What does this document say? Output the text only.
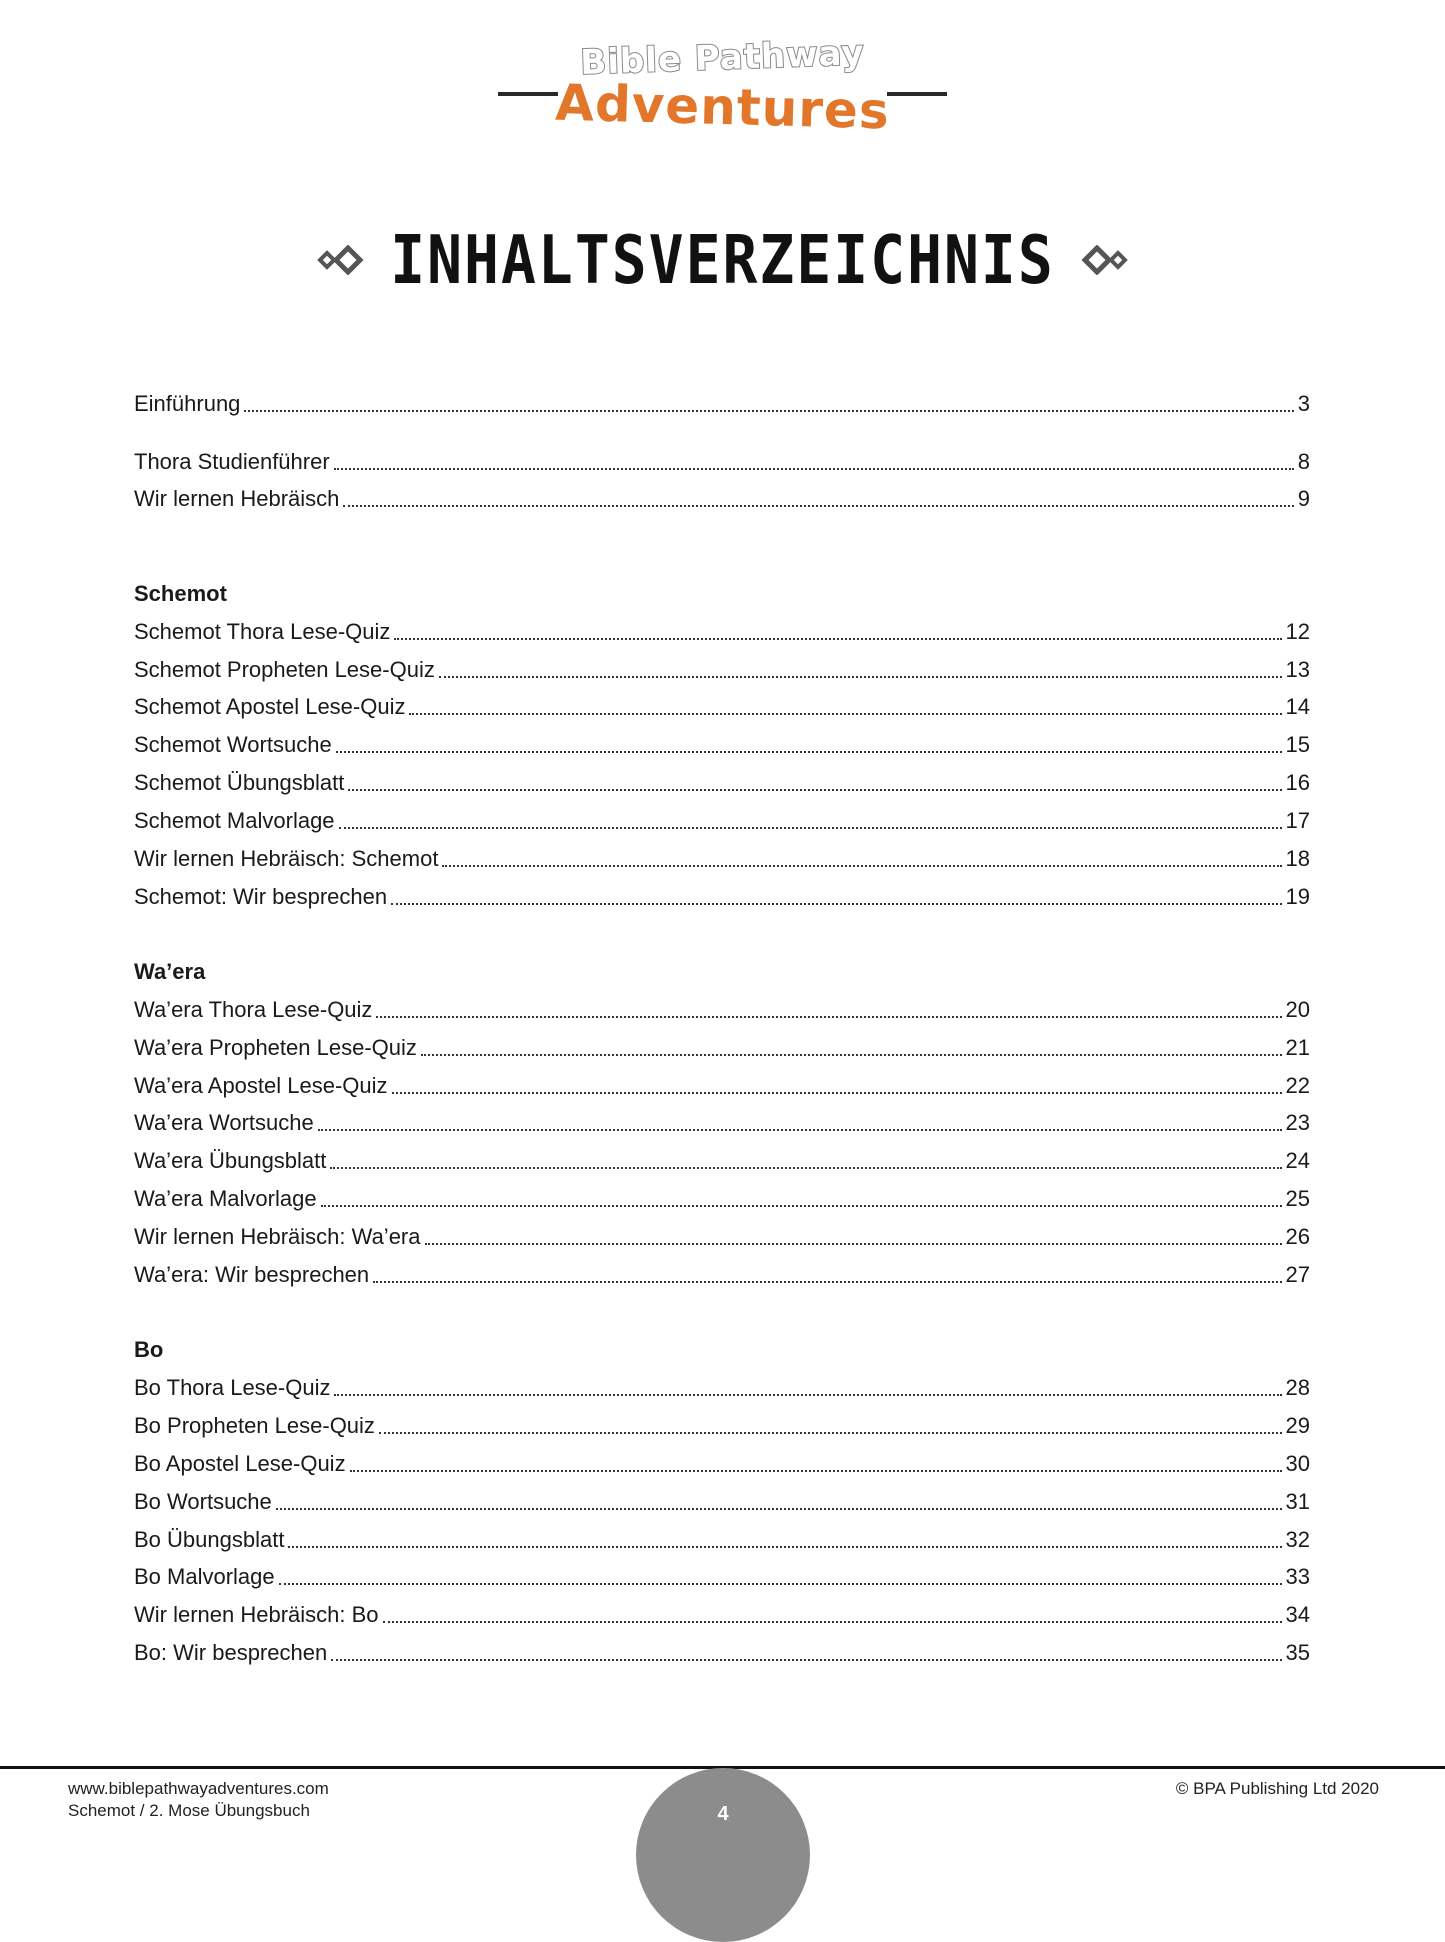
Bible Pathway
Adventures
INHALTSVERZEICHNIS
Einführung	3
Thora Studienführer	8
Wir lernen Hebräisch	9
Schemot
Schemot Thora Lese-Quiz	12
Schemot Propheten Lese-Quiz	13
Schemot Apostel Lese-Quiz	14
Schemot Wortsuche	15
Schemot Übungsblatt	16
Schemot Malvorlage	17
Wir lernen Hebräisch: Schemot	18
Schemot: Wir besprechen	19
Wa’era
Wa’era Thora Lese-Quiz	20
Wa’era Propheten Lese-Quiz	21
Wa’era Apostel Lese-Quiz	22
Wa’era Wortsuche	23
Wa’era Übungsblatt	24
Wa’era Malvorlage	25
Wir lernen Hebräisch: Wa’era	26
Wa’era: Wir besprechen	27
Bo
Bo Thora Lese-Quiz	28
Bo Propheten Lese-Quiz	29
Bo Apostel Lese-Quiz	30
Bo Wortsuche	31
Bo Übungsblatt	32
Bo Malvorlage	33
Wir lernen Hebräisch: Bo	34
Bo: Wir besprechen	35
4
www.biblepathwayadventures.com
Schemot / 2. Mose Übungsbuch
© BPA Publishing Ltd 2020
